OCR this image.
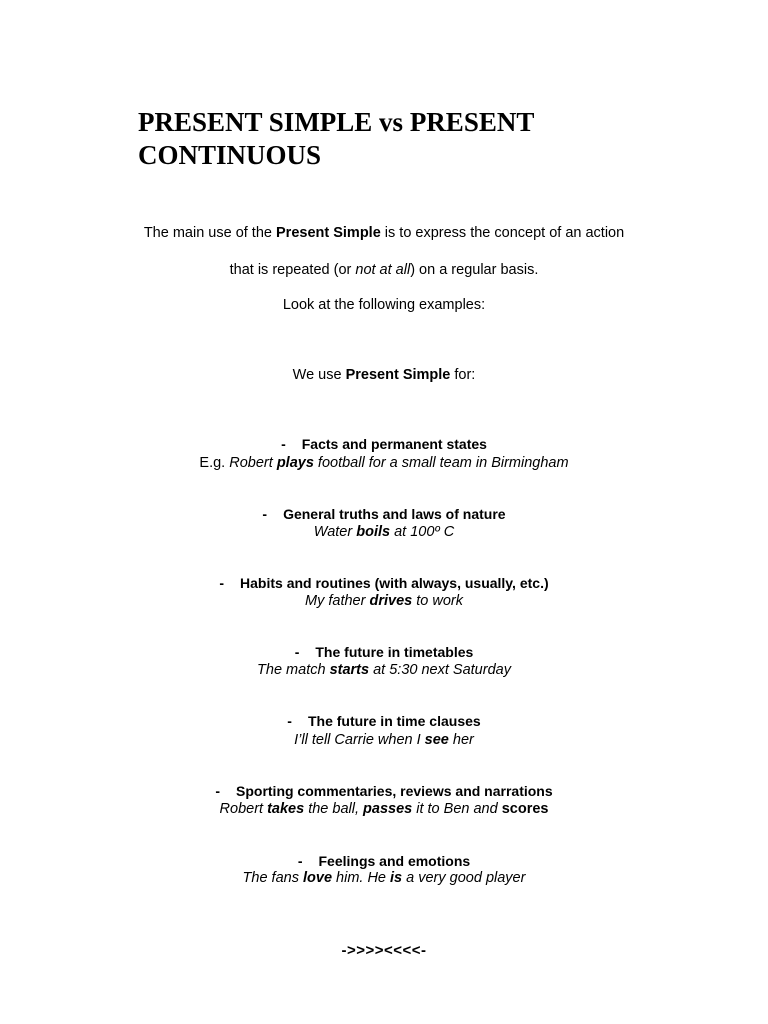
PRESENT SIMPLE vs PRESENT
CONTINUOUS

The main use of the Present Simple is to express the concept of an action

that is repeated (or not at all) on a regular basis.

Look at the following examples:

We use Present Simple for:

- Facts and permanent states

E.g. Robert plays football for a small team in Birmingham

- General truths and laws of nature

Water boils at 100º C

- Habits and routines (with always, usually, etc.)

My father drives to work

- The future in timetables

The match starts at 5:30 next Saturday

- The future in time clauses

I’ll tell Carrie when I see her

- Sporting commentaries, reviews and narrations

Robert takes the ball, passes it to Ben and scores

- Feelings and emotions

The fans love him. He is a very good player

->>>><<<<-
